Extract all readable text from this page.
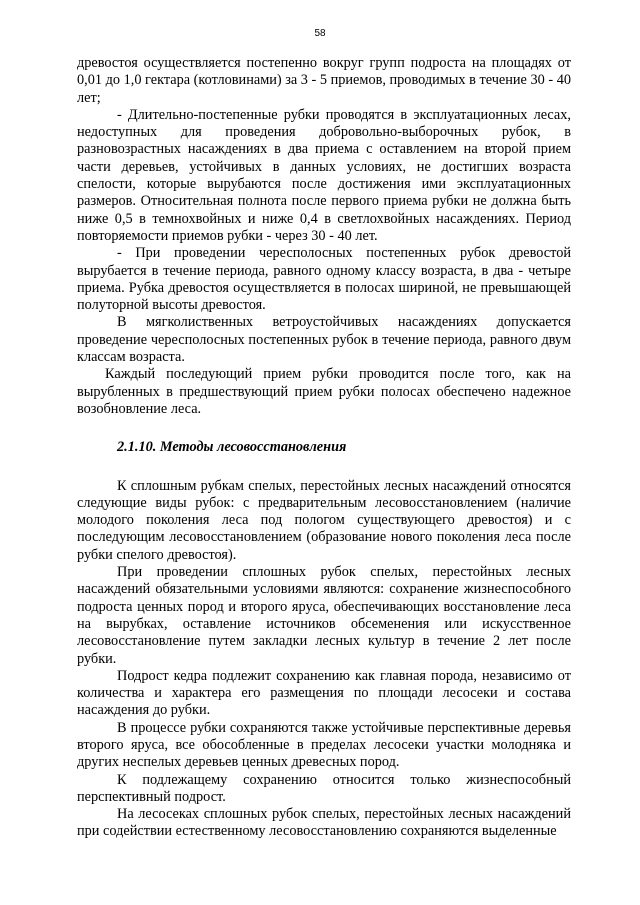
58

древостоя осуществляется постепенно вокруг групп подроста на площадях от 0,01 до 1,0 гектара (котловинами) за 3 - 5 приемов, проводимых в течение 30 - 40 лет;

- Длительно-постепенные рубки проводятся в эксплуатационных лесах, недоступных для проведения добровольно-выборочных рубок, в разновозрастных насаждениях в два приема с оставлением на второй прием части деревьев, устойчивых в данных условиях, не достигших возраста спелости, которые вырубаются после достижения ими эксплуатационных размеров. Относительная полнота после первого приема рубки не должна быть ниже 0,5 в темнохвойных и ниже 0,4 в светлохвойных насаждениях. Период повторяемости приемов рубки - через 30 - 40 лет.

- При проведении чересполосных постепенных рубок древостой вырубается в течение периода, равного одному классу возраста, в два - четыре приема. Рубка древостоя осуществляется в полосах шириной, не превышающей полуторной высоты древостоя.

В мягколиственных ветроустойчивых насаждениях допускается проведение чересполосных постепенных рубок в течение периода, равного двум классам возраста.

Каждый последующий прием рубки проводится после того, как на вырубленных в предшествующий прием рубки полосах обеспечено надежное возобновление леса.

2.1.10. Методы лесовосстановления

К сплошным рубкам спелых, перестойных лесных насаждений относятся следующие виды рубок: с предварительным лесовосстановлением (наличие молодого поколения леса под пологом существующего древостоя) и с последующим лесовосстановлением (образование нового поколения леса после рубки спелого древостоя).

При проведении сплошных рубок спелых, перестойных лесных насаждений обязательными условиями являются: сохранение жизнеспособного подроста ценных пород и второго яруса, обеспечивающих восстановление леса на вырубках, оставление источников обсеменения или искусственное лесовосстановление путем закладки лесных культур в течение 2 лет после рубки.

Подрост кедра подлежит сохранению как главная порода, независимо от количества и характера его размещения по площади лесосеки и состава насаждения до рубки.

В процессе рубки сохраняются также устойчивые перспективные деревья второго яруса, все обособленные в пределах лесосеки участки молодняка и других неспелых деревьев ценных древесных пород.

К подлежащему сохранению относится только жизнеспособный перспективный подрост.

На лесосеках сплошных рубок спелых, перестойных лесных насаждений при содействии естественному лесовосстановлению сохраняются выделенные
